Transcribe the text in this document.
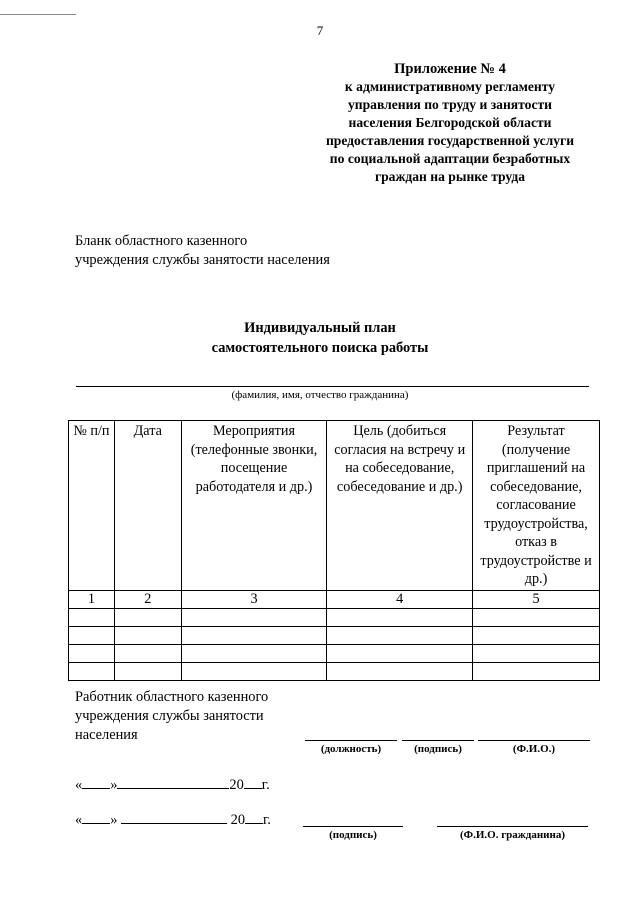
7
Приложение № 4
к административному регламенту
управления по труду и занятости
населения Белгородской области
предоставления государственной услуги
по социальной адаптации безработных
граждан на рынке труда
Бланк областного казенного
учреждения службы занятости населения
Индивидуальный план
самостоятельного поиска работы
(фамилия, имя, отчество гражданина)
№ п/п	Дата	Мероприятия (телефонные звонки, посещение работодателя и др.)	Цель (добиться согласия на встречу и на собеседование, собеседование и др.)	Результат (получение приглашений на собеседование, согласование трудоустройства, отказ в трудоустройстве и др.)
1	2	3	4	5

Работник областного казенного
учреждения службы занятости
населения
(должность)	(подпись)	(Ф.И.О.)
« »	20 г.
« »	20 г.
(подпись)	(Ф.И.О. гражданина)
